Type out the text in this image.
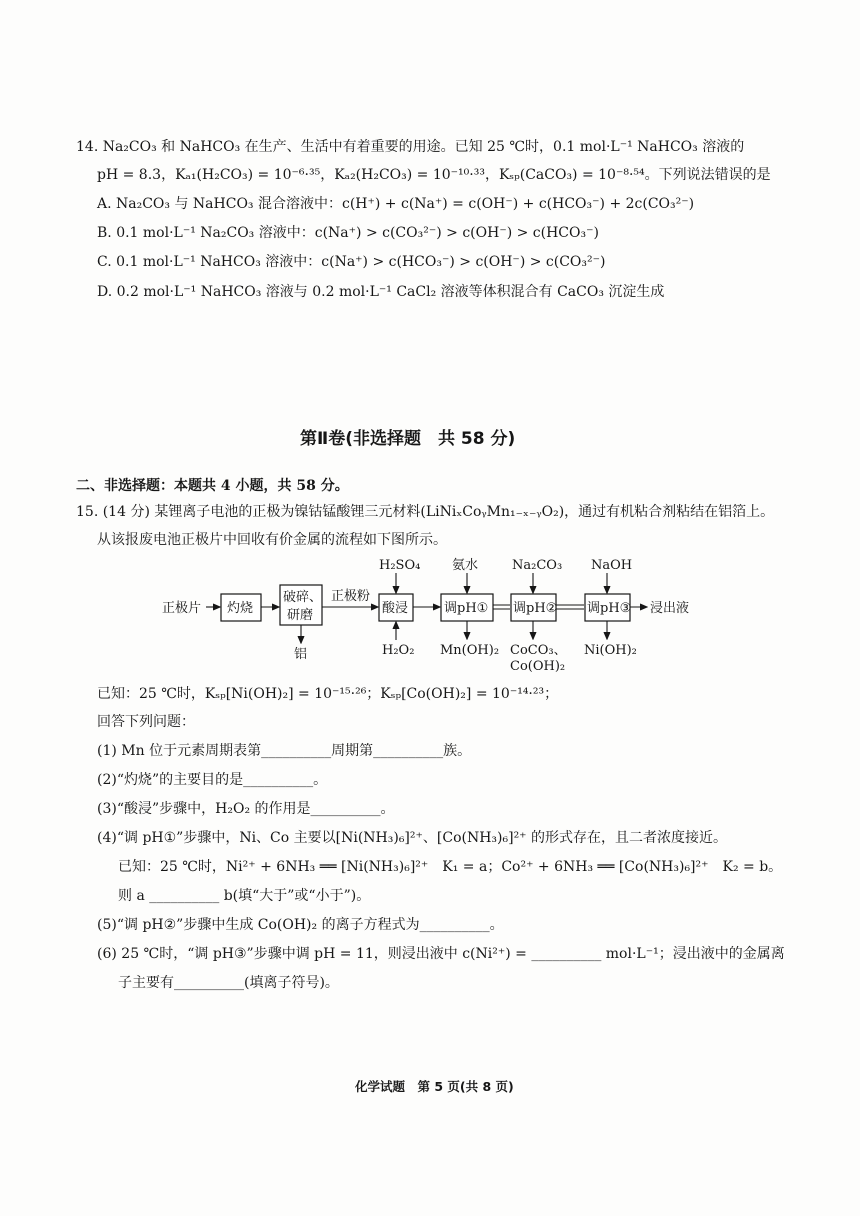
14. Na₂CO₃ 和 NaHCO₃ 在生产、生活中有着重要的用途。已知 25 ℃时，0.1 mol·L⁻¹ NaHCO₃ 溶液的
pH = 8.3，Kₐ₁(H₂CO₃) = 10⁻⁶·³⁵，Kₐ₂(H₂CO₃) = 10⁻¹⁰·³³，Kₛₚ(CaCO₃) = 10⁻⁸·⁵⁴。下列说法错误的是
A. Na₂CO₃ 与 NaHCO₃ 混合溶液中：c(H⁺) + c(Na⁺) = c(OH⁻) + c(HCO₃⁻) + 2c(CO₃²⁻)
B. 0.1 mol·L⁻¹ Na₂CO₃ 溶液中：c(Na⁺) > c(CO₃²⁻) > c(OH⁻) > c(HCO₃⁻)
C. 0.1 mol·L⁻¹ NaHCO₃ 溶液中：c(Na⁺) > c(HCO₃⁻) > c(OH⁻) > c(CO₃²⁻)
D. 0.2 mol·L⁻¹ NaHCO₃ 溶液与 0.2 mol·L⁻¹ CaCl₂ 溶液等体积混合有 CaCO₃ 沉淀生成
第Ⅱ卷(非选择题　共 58 分)
二、非选择题：本题共 4 小题，共 58 分。
15. (14 分) 某锂离子电池的正极为镍钴锰酸锂三元材料(LiNiₓCoᵧMn₁₋ₓ₋ᵧO₂)，通过有机粘合剂粘结在铝箔上。
从该报废电池正极片中回收有价金属的流程如下图所示。
正极片 灼烧
破碎、
研磨
正极粉
酸浸	调pH① 调pH② 调pH③ 浸出液
H₂SO₄ 氨水	Na₂CO₃ NaOH
铝	H₂O₂ Mn(OH)₂ CoCO₃、
Co(OH)₂
Ni(OH)₂
已知：25 ℃时，Kₛₚ[Ni(OH)₂] = 10⁻¹⁵·²⁶；Kₛₚ[Co(OH)₂] = 10⁻¹⁴·²³；
回答下列问题：
(1) Mn 位于元素周期表第__________周期第__________族。
(2)“灼烧”的主要目的是__________。
(3)“酸浸”步骤中，H₂O₂ 的作用是__________。
(4)“调 pH①”步骤中，Ni、Co 主要以[Ni(NH₃)₆]²⁺、[Co(NH₃)₆]²⁺ 的形式存在，且二者浓度接近。
已知：25 ℃时，Ni²⁺ + 6NH₃ ══ [Ni(NH₃)₆]²⁺　K₁ = a；Co²⁺ + 6NH₃ ══ [Co(NH₃)₆]²⁺　K₂ = b。
则 a __________ b(填“大于”或“小于”)。
(5)“调 pH②”步骤中生成 Co(OH)₂ 的离子方程式为__________。
(6) 25 ℃时，“调 pH③”步骤中调 pH = 11，则浸出液中 c(Ni²⁺) = __________ mol·L⁻¹；浸出液中的金属离
子主要有__________(填离子符号)。
化学试题　第 5 页(共 8 页)
